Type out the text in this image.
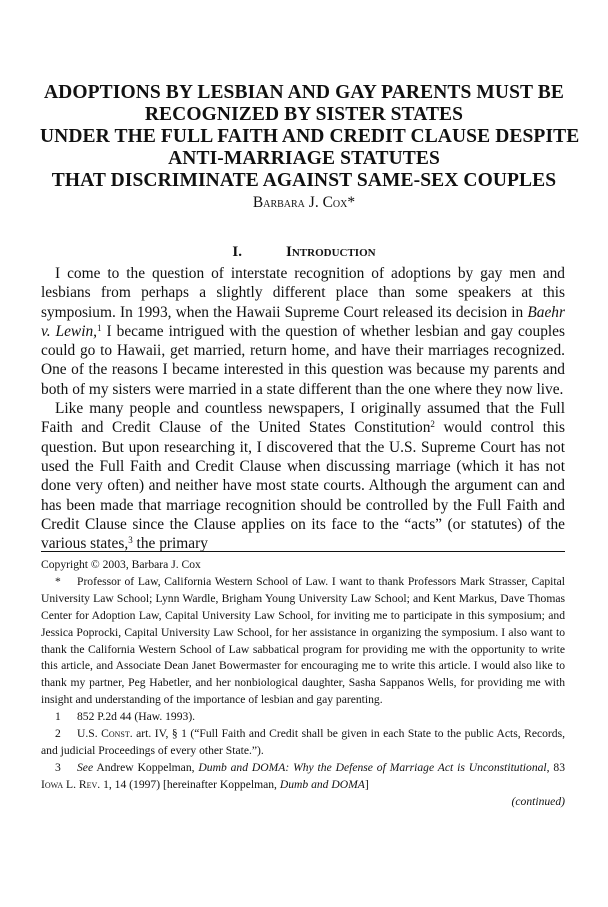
ADOPTIONS BY LESBIAN AND GAY PARENTS MUST BE
RECOGNIZED BY SISTER STATES
UNDER THE FULL FAITH AND CREDIT CLAUSE DESPITE
ANTI-MARRIAGE STATUTES
THAT DISCRIMINATE AGAINST SAME-SEX COUPLES

Barbara J. Cox*

I.	Introduction

I come to the question of interstate recognition of adoptions by gay men and lesbians from perhaps a slightly different place than some speakers at this symposium. In 1993, when the Hawaii Supreme Court released its decision in Baehr v. Lewin,$^1$ I became intrigued with the question of whether lesbian and gay couples could go to Hawaii, get married, return home, and have their marriages recognized. One of the reasons I became interested in this question was because my parents and both of my sisters were married in a state different than the one where they now live.

Like many people and countless newspapers, I originally assumed that the Full Faith and Credit Clause of the United States Constitution$^2$ would control this question. But upon researching it, I discovered that the U.S. Supreme Court has not used the Full Faith and Credit Clause when discussing marriage (which it has not done very often) and neither have most state courts. Although the argument can and has been made that marriage recognition should be controlled by the Full Faith and Credit Clause since the Clause applies on its face to the “acts” (or statutes) of the various states,$^3$ the primary

Copyright © 2003, Barbara J. Cox

* Professor of Law, California Western School of Law. I want to thank Professors Mark Strasser, Capital University Law School; Lynn Wardle, Brigham Young University Law School; and Kent Markus, Dave Thomas Center for Adoption Law, Capital University Law School, for inviting me to participate in this symposium; and Jessica Poprocki, Capital University Law School, for her assistance in organizing the symposium. I also want to thank the California Western School of Law sabbatical program for providing me with the opportunity to write this article, and Associate Dean Janet Bowermaster for encouraging me to write this article. I would also like to thank my partner, Peg Habetler, and her nonbiological daughter, Sasha Sappanos Wells, for providing me with insight and understanding of the importance of lesbian and gay parenting.

1 852 P.2d 44 (Haw. 1993).

2 U.S. Const. art. IV, § 1 (“Full Faith and Credit shall be given in each State to the public Acts, Records, and judicial Proceedings of every other State.”).

3 See Andrew Koppelman, Dumb and DOMA: Why the Defense of Marriage Act is Unconstitutional, 83 Iowa L. Rev. 1, 14 (1997) [hereinafter Koppelman, Dumb and DOMA]

(continued)
